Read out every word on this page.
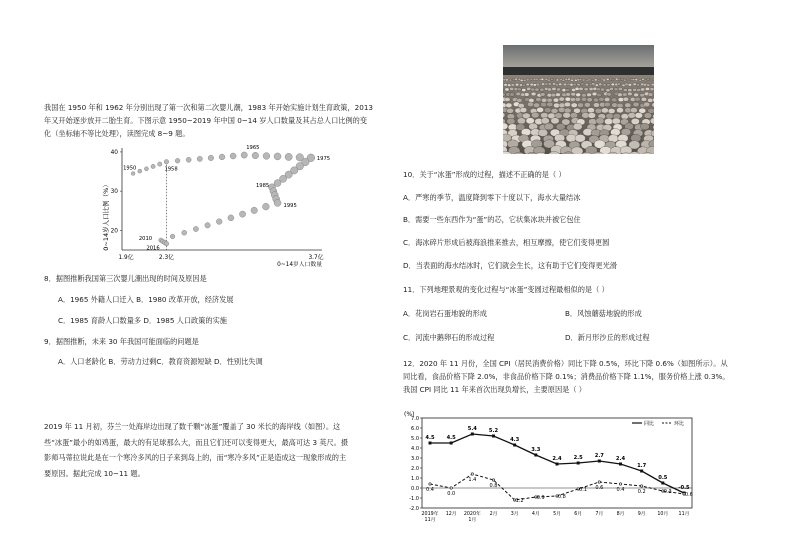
我国在 1950 年和 1962 年分别出现了第一次和第二次婴儿潮，1983 年开始实施计划生育政策，2013
年又开始逐步放开二胎生育。下图示意 1950~2019 年中国 0~14 岁人口数量及其占总人口比例的变
化（坐标轴不等比处理），读图完成 8~9 题。
0~14岁人口比例（%）
40
30
20
1.9亿	2.3亿	3.7亿
0~14岁人口数量
1950	1958
1965
1975
1985
1995
2010
2016
8．据图推断我国第三次婴儿潮出现的时间及原因是
A．1965 外籍人口迁入 B．1980 改革开放，经济发展
C．1985 育龄人口数量多 D．1985 人口政策的实施
9．据图推断，未来 30 年我国可能面临的问题是
A．人口老龄化 B．劳动力过剩C．教育资源短缺 D．性别比失调
2019 年 11 月初，芬兰一处海岸边出现了数千颗“冰蛋”覆盖了 30 米长的海岸线（如图）。这
些“冰蛋”最小的如鸡蛋，最大的有足球那么大，而且它们还可以变得更大，最高可达 3 英尺。摄
影师马蒂拉说此是在一个寒冷多风的日子来到岛上的，而“寒冷多风”正是造成这一现象形成的主
要原因。据此完成 10~11 题。
10．关于“冰蛋”形成的过程，描述不正确的是（ ）
A．严寒的季节，温度降到零下十度以下，海水大量结冰
B．需要一些东西作为“蛋”的芯，它状集冰块并被它包住
C．海冰碎片形成后被海浪推来推去，相互摩擦，使它们变得更圆
D．当表面的海水结冰时，它们就会生长，这有助于它们变得更光滑
11．下列地理景观的变化过程与“冰蛋”变圆过程最相似的是（ ）
A．花岗岩石蛋地貌的形成	B．风蚀蘑菇地貌的形成
C．河流中鹅卵石的形成过程	D．新月形沙丘的形成过程
12．2020 年 11 月份，全国 CPI（居民消费价格）同比下降 0.5%，环比下降 0.6%（如图所示）。从
同比看，食品价格下降 2.0%，非食品价格下降 0.1%；消费品价格下降 1.1%，服务价格上涨 0.3%。
我国 CPI 同比 11 年来首次出现负增长，主要原因是（ ）
(%)
7.0
6.0
5.0
4.0
3.0
2.0
1.0
0.0
-1.0
-2.0
2019年
11月
12月 2020年
1月
2月	3月	4月	5月	6月	7月	8月	9月 10月 11月
同比	环比
4.5 4.5
5.4 5.2
4.3
3.3
2.4 2.5 2.7 2.4
1.7
0.5
-0.5
0.4
0.0
1.4
0.8
-1.2 -0.9 -0.8
-0.1 0.6	0.4	0.2	-0.3 -0.6
